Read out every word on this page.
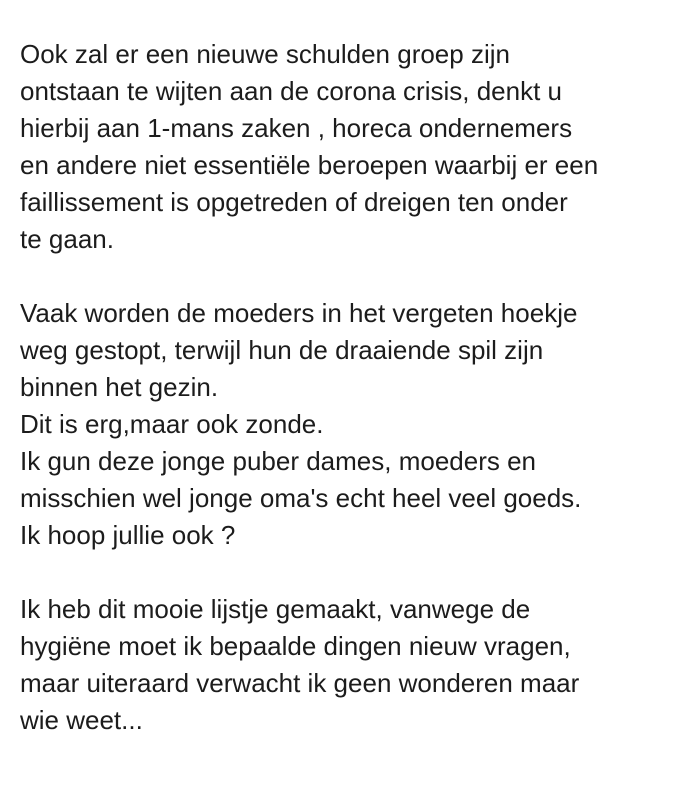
Ook zal er een nieuwe schulden groep zijn
ontstaan te wijten aan de corona crisis, denkt u
hierbij aan 1-mans zaken , horeca ondernemers
en andere niet essentiële beroepen waarbij er een
faillissement is opgetreden of dreigen ten onder
te gaan.
Vaak worden de moeders in het vergeten hoekje
weg gestopt, terwijl hun de draaiende spil zijn
binnen het gezin.
Dit is erg,maar ook zonde.
Ik gun deze jonge puber dames, moeders en
misschien wel jonge oma's echt heel veel goeds.
Ik hoop jullie ook ?
Ik heb dit mooie lijstje gemaakt, vanwege de
hygiëne moet ik bepaalde dingen nieuw vragen,
maar uiteraard verwacht ik geen wonderen maar
wie weet...
